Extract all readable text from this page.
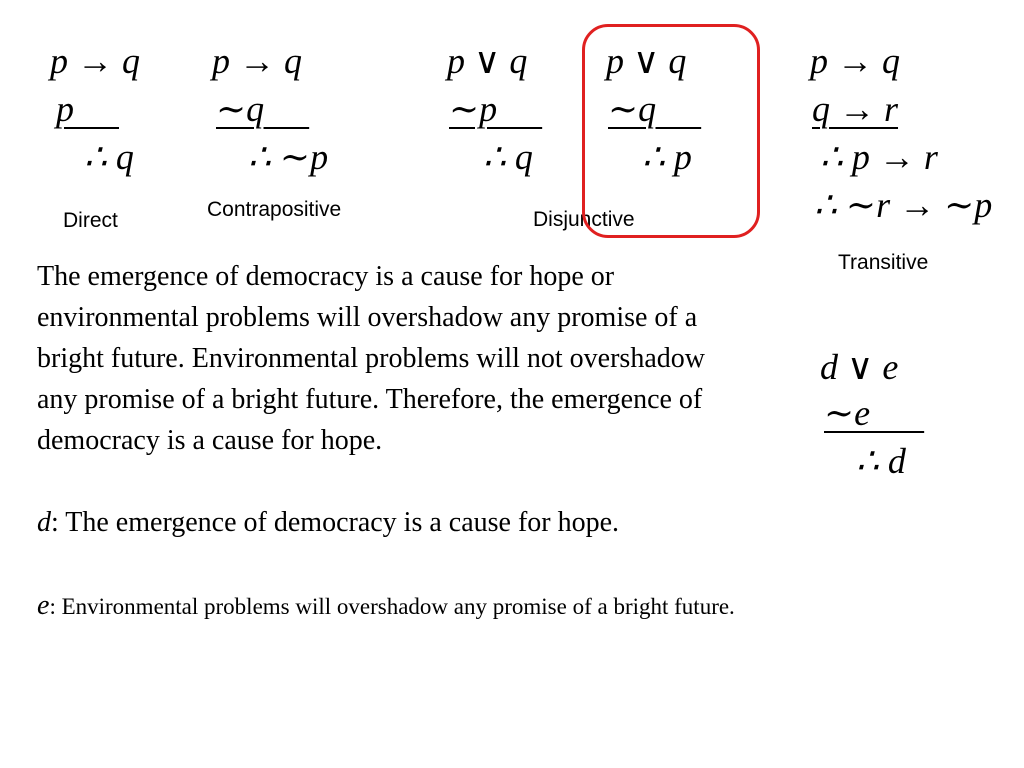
p → q
p
∴ q
Direct
p → q
∼q
∴ ∼p
Contrapositive
p ∨ q
∼p
∴ q
p ∨ q
∼q
∴ p
Disjunctive
p → q
q → r
∴ p → r
∴ ∼r → ∼p
Transitive

The emergence of democracy is a cause for hope or environmental problems will overshadow any promise of a bright future. Environmental problems will not overshadow any promise of a bright future. Therefore, the emergence of democracy is a cause for hope.

d: The emergence of democracy is a cause for hope.
e: Environmental problems will overshadow any promise of a bright future.
d ∨ e
∼e
∴ d
